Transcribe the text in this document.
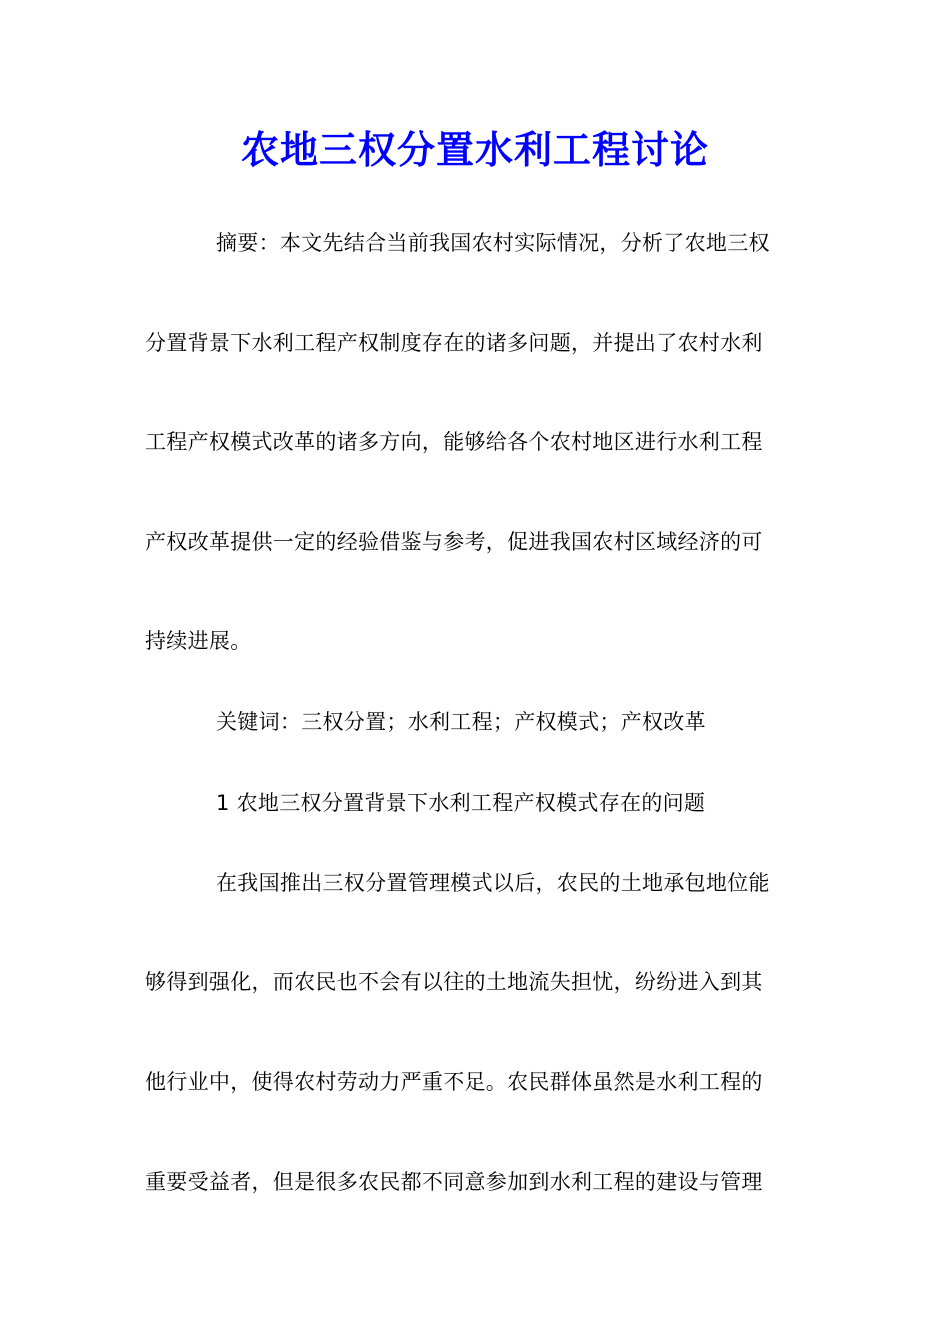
农地三权分置水利工程讨论
摘要：本文先结合当前我国农村实际情况，分析了农地三权
分置背景下水利工程产权制度存在的诸多问题，并提出了农村水利
工程产权模式改革的诸多方向，能够给各个农村地区进行水利工程
产权改革提供一定的经验借鉴与参考，促进我国农村区域经济的可
持续进展。
关键词：三权分置；水利工程；产权模式；产权改革
1 农地三权分置背景下水利工程产权模式存在的问题
在我国推出三权分置管理模式以后，农民的土地承包地位能
够得到强化，而农民也不会有以往的土地流失担忧，纷纷进入到其
他行业中，使得农村劳动力严重不足。农民群体虽然是水利工程的
重要受益者，但是很多农民都不同意参加到水利工程的建设与管理
